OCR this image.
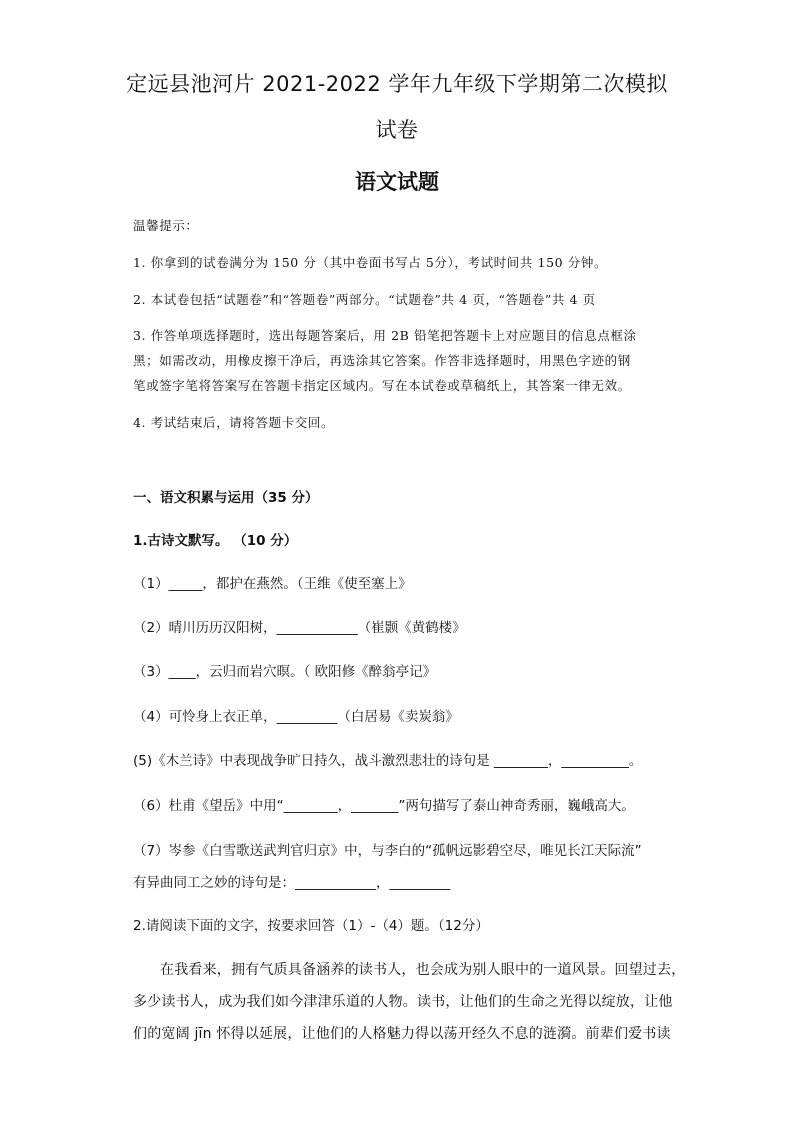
定远县池河片 2021-2022 学年九年级下学期第二次模拟
试卷
语文试题
温馨提示：
1. 你拿到的试卷满分为 150 分（其中卷面书写占 5分），考试时间共 150 分钟。
2. 本试卷包括“试题卷”和“答题卷”两部分。“试题卷”共 4 页，“答题卷”共 4 页
3. 作答单项选择题时，选出每题答案后，用 2B 铅笔把答题卡上对应题目的信息点框涂
黑；如需改动，用橡皮擦干净后，再选涂其它答案。作答非选择题时，用黑色字迹的钢
笔或签字笔将答案写在答题卡指定区域内。写在本试卷或草稿纸上，其答案一律无效。
4. 考试结束后，请将答题卡交回。
一、语文积累与运用（35 分）
1.古诗文默写。 （10 分）
（1）_____，都护在燕然。（王维《使至塞上》
（2）晴川历历汉阳树，____________（崔颢《黄鹤楼》
（3）____，云归而岩穴暝。（ 欧阳修《醉翁亭记》
（4）可怜身上衣正单，_________（白居易《卖炭翁》
(5)《木兰诗》中表现战争旷日持久，战斗激烈悲壮的诗句是 ________，__________。
（6）杜甫《望岳》中用“________，_______”两句描写了泰山神奇秀丽，巍峨高大。
（7）岑参《白雪歌送武判官归京》中，与李白的“孤帆远影碧空尽，唯见长江天际流”
有异曲同工之妙的诗句是：____________，_________
2.请阅读下面的文字，按要求回答（1）-（4）题。（12分）
在我看来，拥有气质具备涵养的读书人，也会成为别人眼中的一道风景。回望过去，
多少读书人，成为我们如今津津乐道的人物。读书，让他们的生命之光得以绽放，让他
们的宽阔 jīn 怀得以延展，让他们的人格魅力得以荡开经久不息的涟漪。前辈们爱书读
